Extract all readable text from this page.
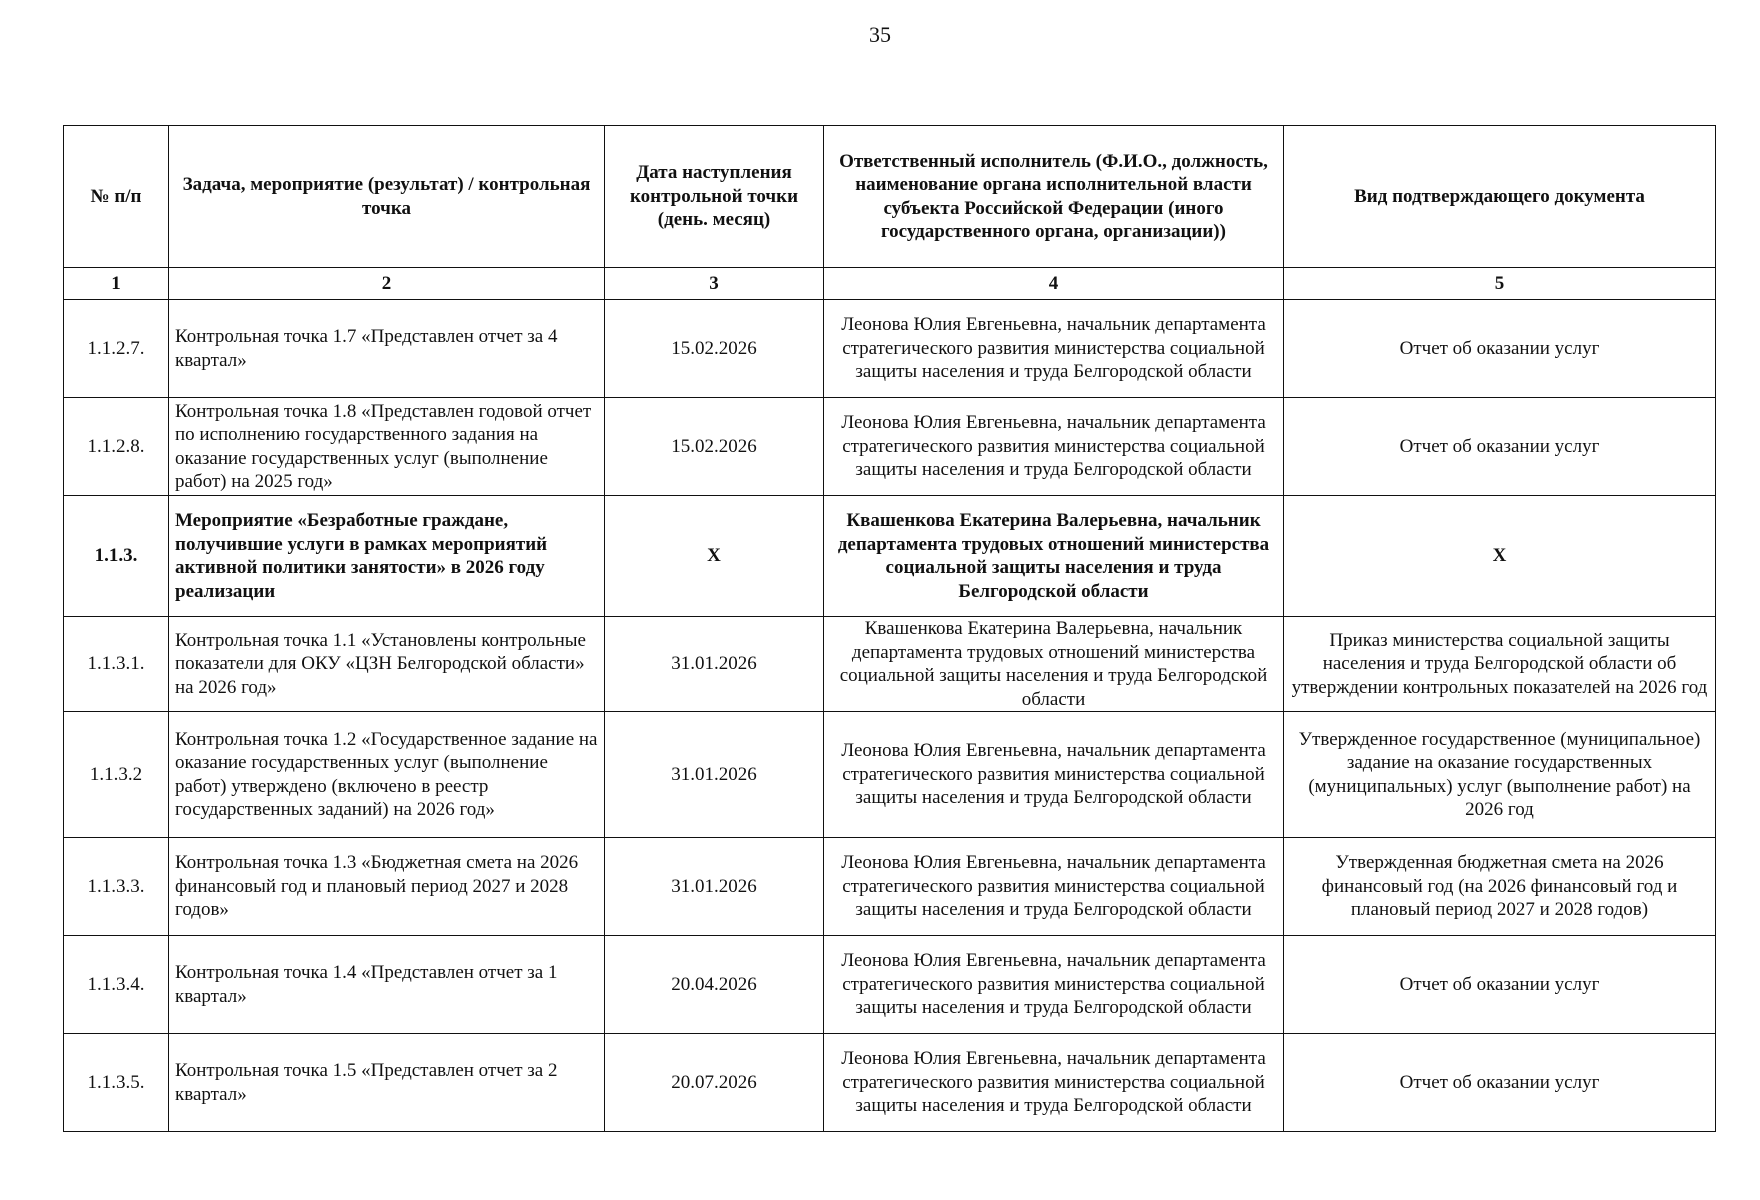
35
№ п/п	Задача, мероприятие (результат) / контрольная точка	Дата наступления контрольной точки (день. месяц)	Ответственный исполнитель (Ф.И.О., должность, наименование органа исполнительной власти субъекта Российской Федерации (иного государственного органа, организации))	Вид подтверждающего документа
1	2	3	4	5
1.1.2.7.	Контрольная точка 1.7 «Представлен отчет за 4 квартал»	15.02.2026	Леонова Юлия Евгеньевна, начальник департамента стратегического развития министерства социальной защиты населения и труда Белгородской области	Отчет об оказании услуг
1.1.2.8.	Контрольная точка 1.8 «Представлен годовой отчет по исполнению государственного задания на оказание государственных услуг (выполнение работ) на 2025 год»	15.02.2026	Леонова Юлия Евгеньевна, начальник департамента стратегического развития министерства социальной защиты населения и труда Белгородской области	Отчет об оказании услуг
1.1.3.	Мероприятие «Безработные граждане, получившие услуги в рамках мероприятий активной политики занятости» в 2026 году реализации	X	Квашенкова Екатерина Валерьевна, начальник департамента трудовых отношений министерства социальной защиты населения и труда Белгородской области	X
1.1.3.1.	Контрольная точка 1.1 «Установлены контрольные показатели для ОКУ «ЦЗН Белгородской области» на 2026 год»	31.01.2026	Квашенкова Екатерина Валерьевна, начальник департамента трудовых отношений министерства социальной защиты населения и труда Белгородской области	Приказ министерства социальной защиты населения и труда Белгородской области об утверждении контрольных показателей на 2026 год
1.1.3.2	Контрольная точка 1.2 «Государственное задание на оказание государственных услуг (выполнение работ) утверждено (включено в реестр государственных заданий) на 2026 год»	31.01.2026	Леонова Юлия Евгеньевна, начальник департамента стратегического развития министерства социальной защиты населения и труда Белгородской области	Утвержденное государственное (муниципальное) задание на оказание государственных (муниципальных) услуг (выполнение работ) на 2026 год
1.1.3.3.	Контрольная точка 1.3 «Бюджетная смета на 2026 финансовый год и плановый период 2027 и 2028 годов»	31.01.2026	Леонова Юлия Евгеньевна, начальник департамента стратегического развития министерства социальной защиты населения и труда Белгородской области	Утвержденная бюджетная смета на 2026 финансовый год (на 2026 финансовый год и плановый период 2027 и 2028 годов)
1.1.3.4.	Контрольная точка 1.4 «Представлен отчет за 1 квартал»	20.04.2026	Леонова Юлия Евгеньевна, начальник департамента стратегического развития министерства социальной защиты населения и труда Белгородской области	Отчет об оказании услуг
1.1.3.5.	Контрольная точка 1.5 «Представлен отчет за 2 квартал»	20.07.2026	Леонова Юлия Евгеньевна, начальник департамента стратегического развития министерства социальной защиты населения и труда Белгородской области	Отчет об оказании услуг
